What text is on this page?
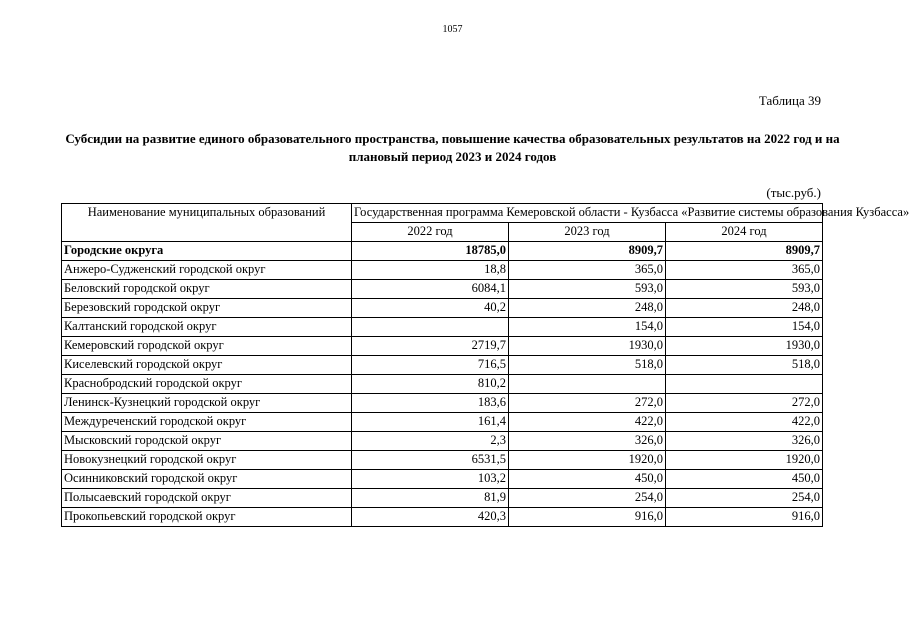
1057
Таблица 39
Субсидии на развитие единого образовательного пространства, повышение качества образовательных результатов на 2022 год и на плановый период 2023 и 2024 годов
(тыс.руб.)
Наименование муниципальных образований	Государственная программа Кемеровской области - Кузбасса «Развитие системы образования Кузбасса»		
	2022 год	2023 год	2024 год
Городские округа	18785,0	8909,7	8909,7
Анжеро-Судженский городской округ	18,8	365,0	365,0
Беловский городской округ	6084,1	593,0	593,0
Березовский городской округ	40,2	248,0	248,0
Калтанский городской округ		154,0	154,0
Кемеровский городской округ	2719,7	1930,0	1930,0
Киселевский городской округ	716,5	518,0	518,0
Краснобродский городской округ	810,2		
Ленинск-Кузнецкий городской округ	183,6	272,0	272,0
Междуреченский городской округ	161,4	422,0	422,0
Мысковский городской округ	2,3	326,0	326,0
Новокузнецкий городской округ	6531,5	1920,0	1920,0
Осинниковский городской округ	103,2	450,0	450,0
Полысаевский городской округ	81,9	254,0	254,0
Прокопьевский городской округ	420,3	916,0	916,0
